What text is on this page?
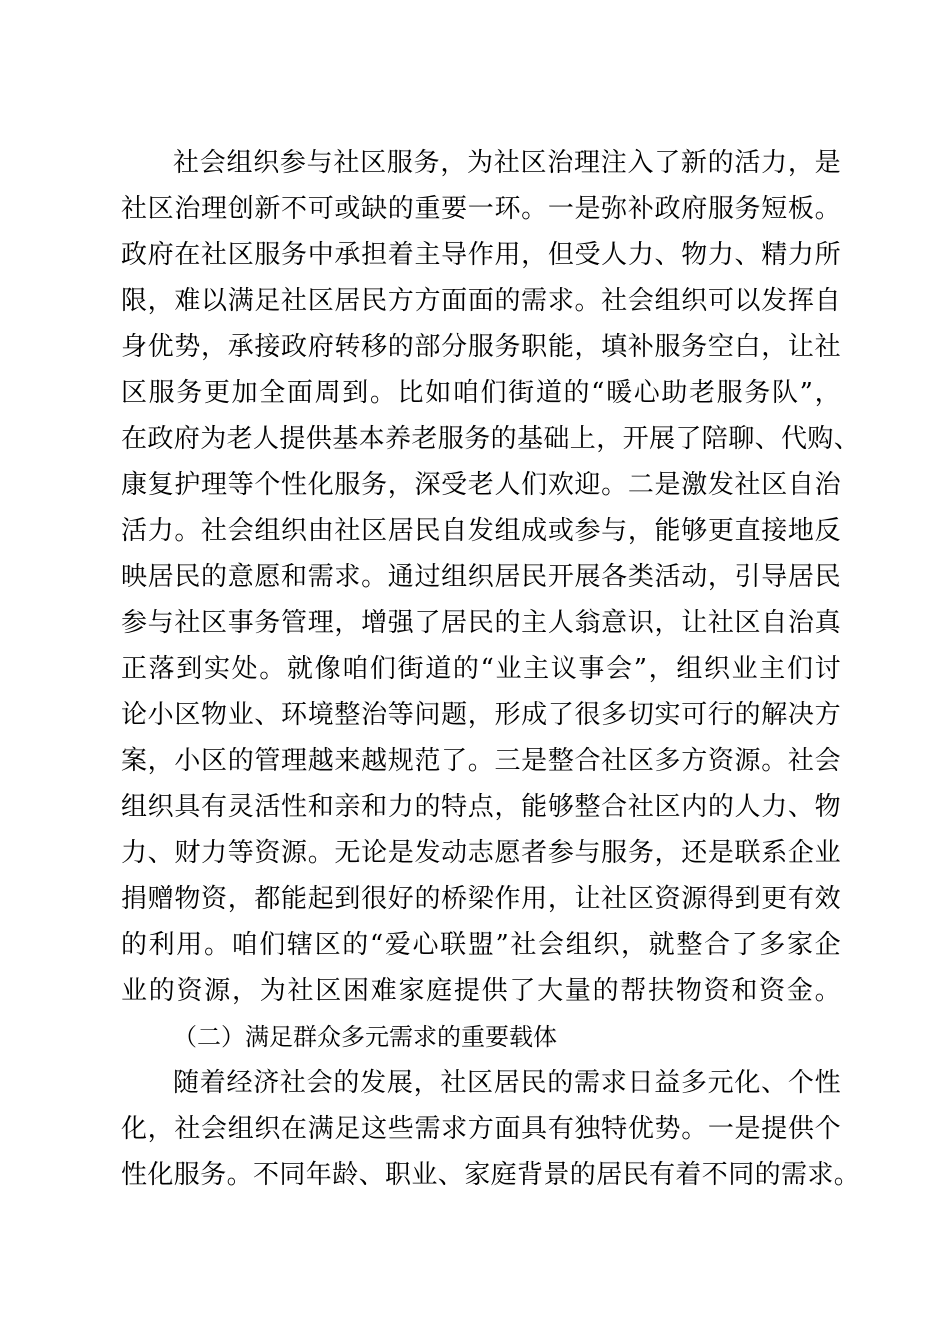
社会组织参与社区服务，为社区治理注入了新的活力，是
社区治理创新不可或缺的重要一环。一是弥补政府服务短板。
政府在社区服务中承担着主导作用，但受人力、物力、精力所
限，难以满足社区居民方方面面的需求。社会组织可以发挥自
身优势，承接政府转移的部分服务职能，填补服务空白，让社
区服务更加全面周到。比如咱们街道的“暖心助老服务队”，
在政府为老人提供基本养老服务的基础上，开展了陪聊、代购、
康复护理等个性化服务，深受老人们欢迎。二是激发社区自治
活力。社会组织由社区居民自发组成或参与，能够更直接地反
映居民的意愿和需求。通过组织居民开展各类活动，引导居民
参与社区事务管理，增强了居民的主人翁意识，让社区自治真
正落到实处。就像咱们街道的“业主议事会”，组织业主们讨
论小区物业、环境整治等问题，形成了很多切实可行的解决方
案，小区的管理越来越规范了。三是整合社区多方资源。社会
组织具有灵活性和亲和力的特点，能够整合社区内的人力、物
力、财力等资源。无论是发动志愿者参与服务，还是联系企业
捐赠物资，都能起到很好的桥梁作用，让社区资源得到更有效
的利用。咱们辖区的“爱心联盟”社会组织，就整合了多家企
业的资源，为社区困难家庭提供了大量的帮扶物资和资金。
（二）满足群众多元需求的重要载体
随着经济社会的发展，社区居民的需求日益多元化、个性
化，社会组织在满足这些需求方面具有独特优势。一是提供个
性化服务。不同年龄、职业、家庭背景的居民有着不同的需求。
